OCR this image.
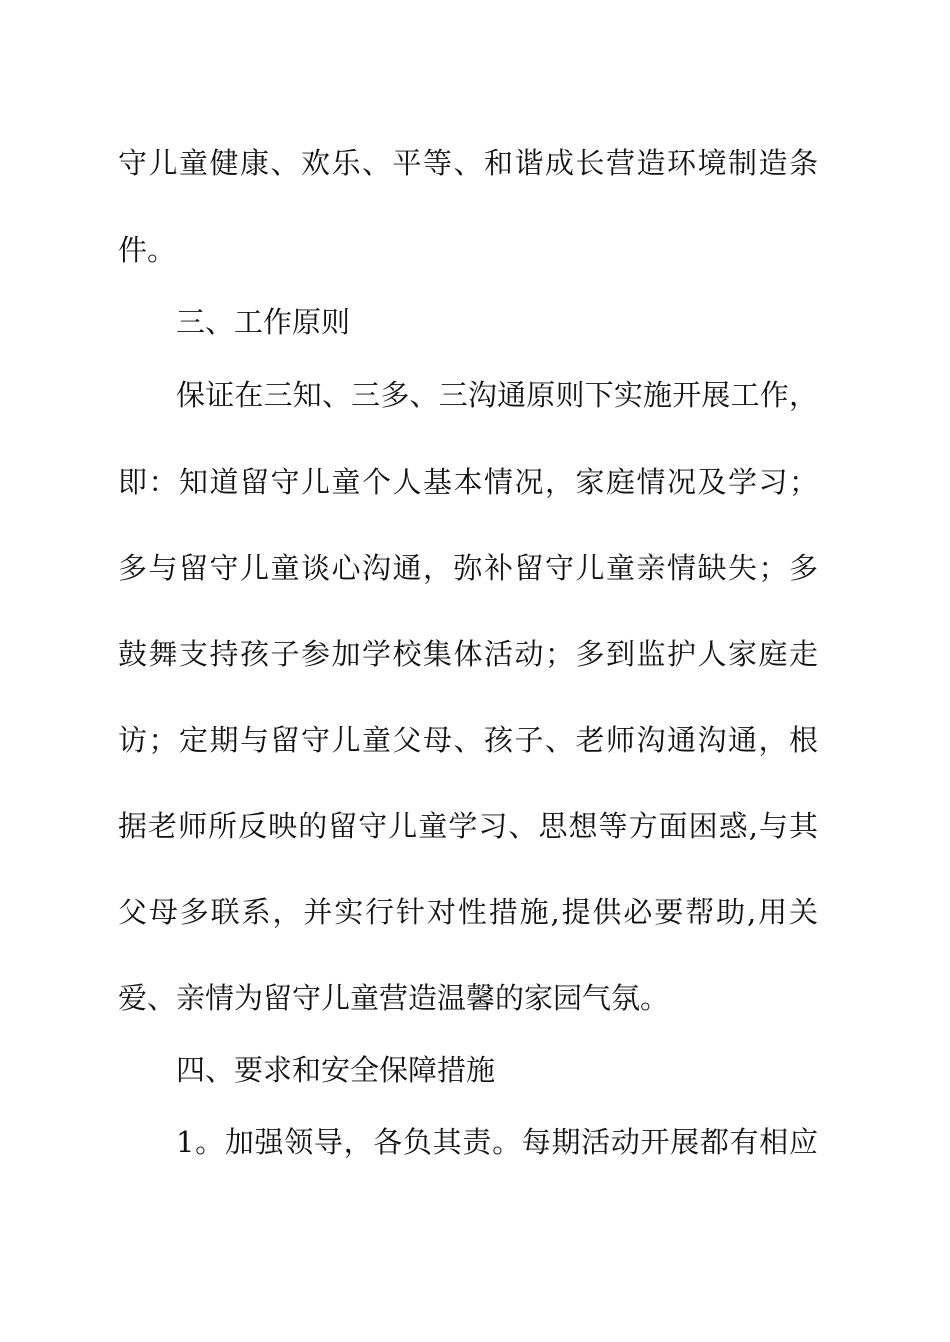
守儿童健康、欢乐、平等、和谐成长营造环境制造条
件。
三、工作原则
保证在三知、三多、三沟通原则下实施开展工作，
即：知道留守儿童个人基本情况，家庭情况及学习；
多与留守儿童谈心沟通，弥补留守儿童亲情缺失；多
鼓舞支持孩子参加学校集体活动；多到监护人家庭走
访；定期与留守儿童父母、孩子、老师沟通沟通，根
据老师所反映的留守儿童学习、思想等方面困惑,与其
父母多联系，并实行针对性措施,提供必要帮助,用关
爱、亲情为留守儿童营造温馨的家园气氛。
四、要求和安全保障措施
1。加强领导，各负其责。每期活动开展都有相应
